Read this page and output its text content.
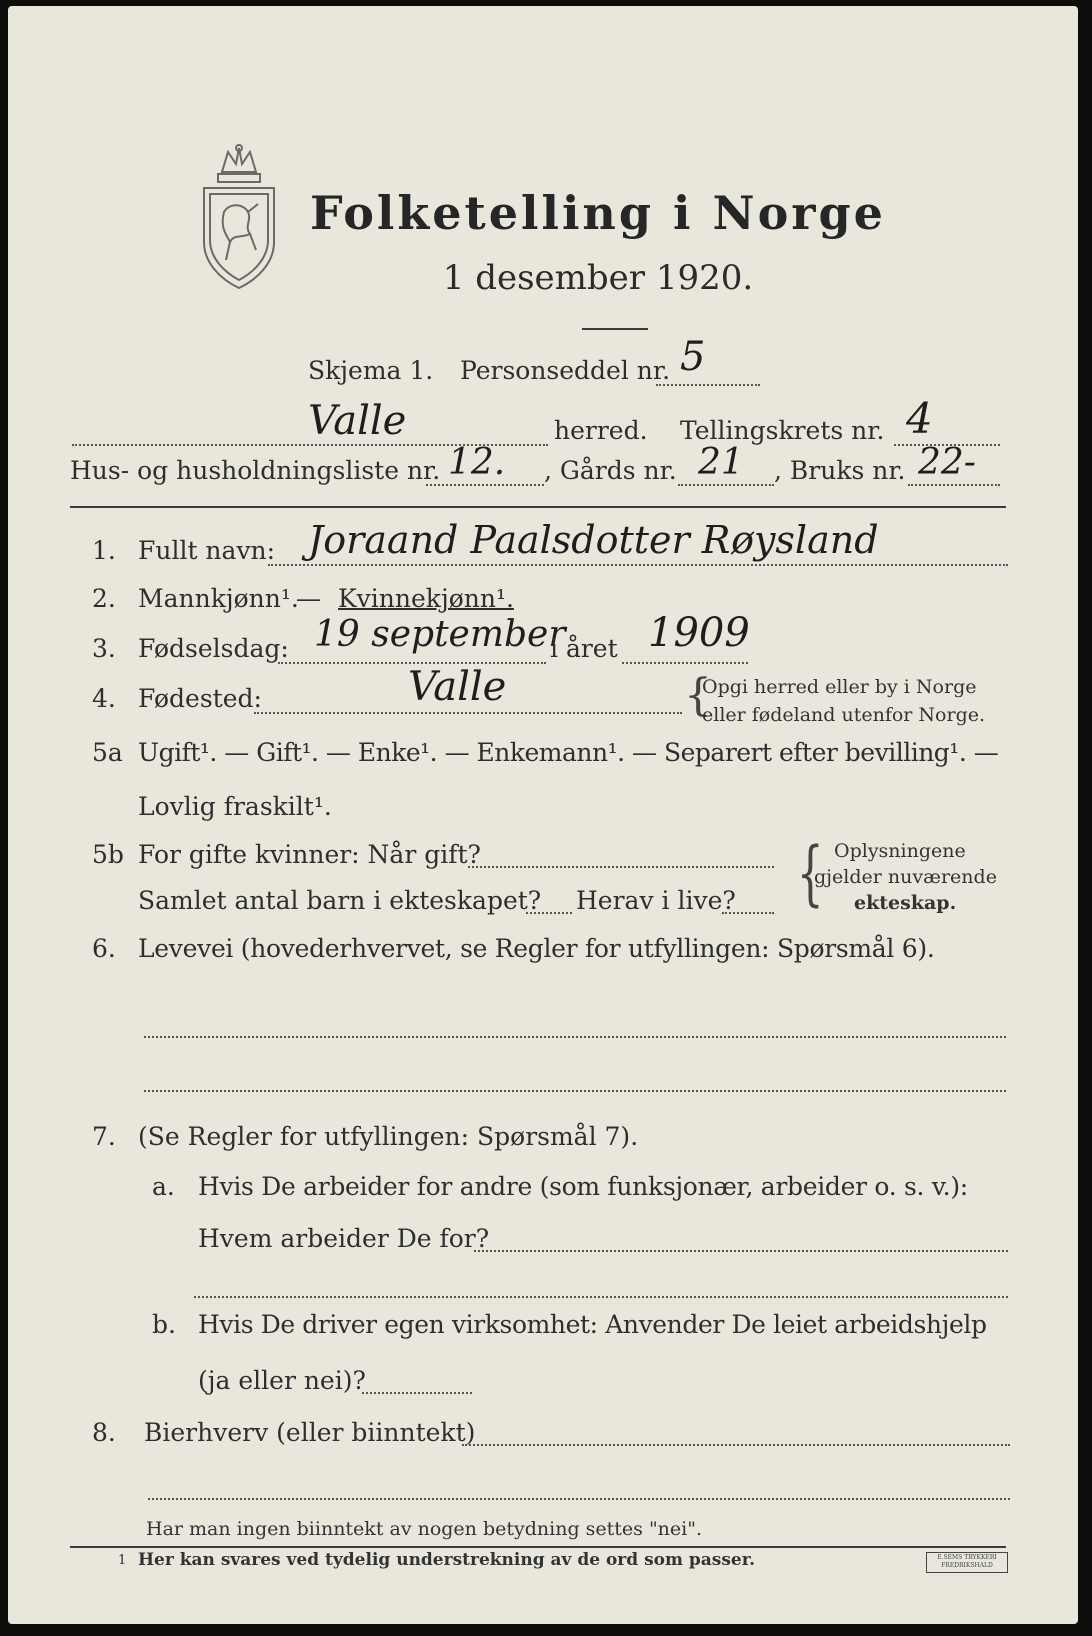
Folketelling i Norge
1 desember 1920.
Skjema 1. Personseddel nr. 5
Valle	herred. Tellingskrets nr. 4
Hus- og husholdningsliste nr. 12. , Gårds nr. 21 , Bruks nr. 22-
1. Fullt navn: Joraand Paalsdotter Røysland
2. Mannkjønn¹.
— Kvinnekjønn¹.
3. Fødselsdag: 19 september
i året 1909
4. Fødested:	Valle	{
Opgi herred eller by i Norge
eller fødeland utenfor Norge.
5a Ugift¹. — Gift¹. — Enke¹. — Enkemann¹. — Separert efter bevilling¹. —
Lovlig fraskilt¹.
5b For gifte kvinner: Når gift?
Samlet antal barn i ekteskapet? Herav i live? { Oplysningene
gjelder nuværende
ekteskap.
6. Levevei (hovederhvervet, se Regler for utfyllingen: Spørsmål 6).
7. (Se Regler for utfyllingen: Spørsmål 7).
a. Hvis De arbeider for andre (som funksjonær, arbeider o. s. v.):
Hvem arbeider De for?
b. Hvis De driver egen virksomhet: Anvender De leiet arbeidshjelp
(ja eller nei)?
8. Bierhverv (eller biinntekt)
Har man ingen biinntekt av nogen betydning settes "nei".
1 Her kan svares ved tydelig understrekning av de ord som passer.	E.SEMS TRYKKERI
FREDRIKSHALD
